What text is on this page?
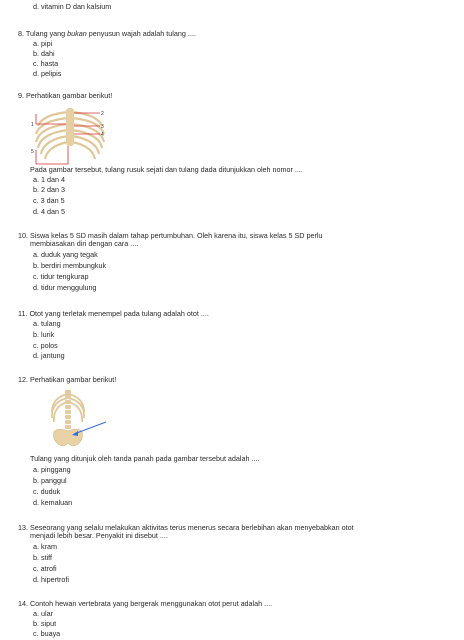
d. vitamin D dan kalsium
8. Tulang yang bukan penyusun wajah adalah tulang ....
a. pipi
b. dahi
c. hasta
d. pelipis
9. Perhatikan gambar berikut!
1
2
3
4
5
Pada gambar tersebut, tulang rusuk sejati dan tulang dada ditunjukkan oleh nomor ....
a. 1 dan 4
b. 2 dan 3
c. 3 dan 5
d. 4 dan 5
10. Siswa kelas 5 SD masih dalam tahap pertumbuhan. Oleh karena itu, siswa kelas 5 SD perlu
membiasakan diri dengan cara ....
a. duduk yang tegak
b. berdiri membungkuk
c. tidur tengkurap
d. tidur menggulung
11. Otot yang terletak menempel pada tulang adalah otot ....
a. tulang
b. lurik
c. polos
d. jantung
12. Perhatikan gambar berikut!
Tulang yang ditunjuk oleh tanda panah pada gambar tersebut adalah ....
a. pinggang
b. panggul
c. duduk
d. kemaluan
13. Seseorang yang selalu melakukan aktivitas terus menerus secara berlebihan akan menyebabkan otot
menjadi lebih besar. Penyakit ini disebut ....
a. kram
b. stiff
c. atrofi
d. hipertrofi
14. Contoh hewan vertebrata yang bergerak menggunakan otot perut adalah ....
a. ular
b. siput
c. buaya
